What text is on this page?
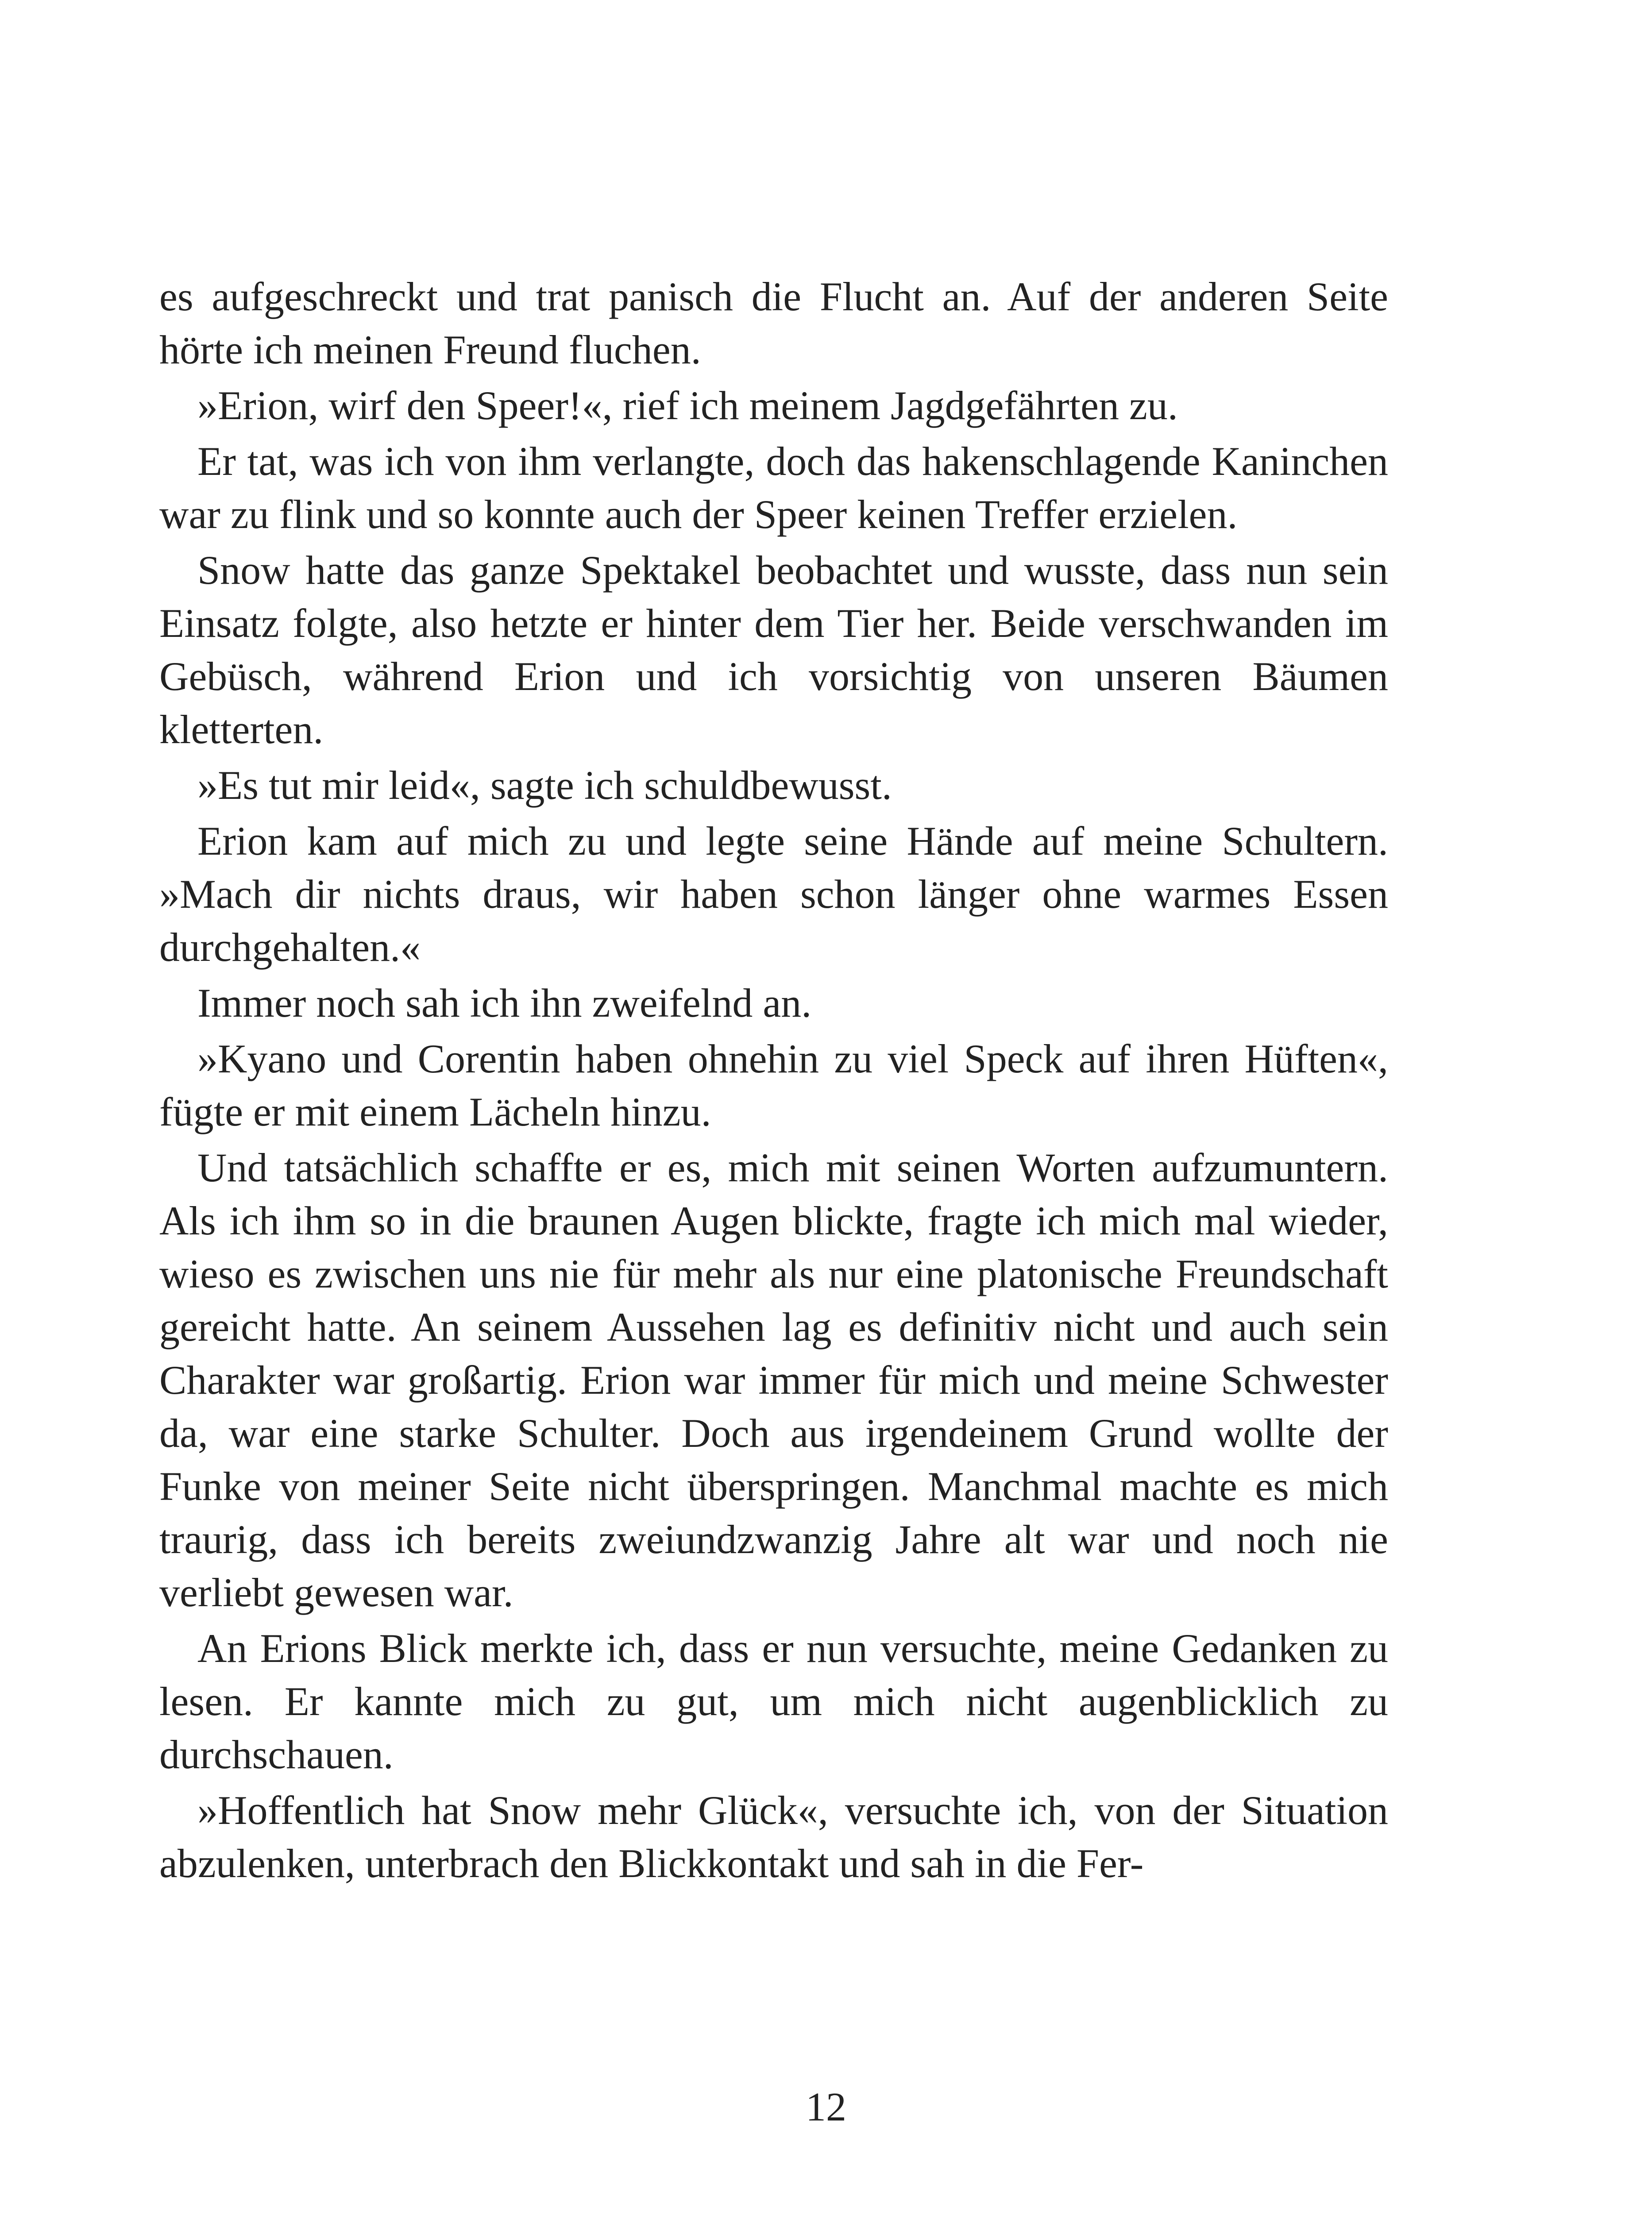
es aufgeschreckt und trat panisch die Flucht an. Auf der anderen Seite hörte ich meinen Freund fluchen.

»Erion, wirf den Speer!«, rief ich meinem Jagdgefährten zu.

Er tat, was ich von ihm verlangte, doch das hakenschlagende Kaninchen war zu flink und so konnte auch der Speer keinen Treffer erzielen.

Snow hatte das ganze Spektakel beobachtet und wusste, dass nun sein Einsatz folgte, also hetzte er hinter dem Tier her. Beide verschwanden im Gebüsch, während Erion und ich vorsichtig von unseren Bäumen kletterten.

»Es tut mir leid«, sagte ich schuldbewusst.

Erion kam auf mich zu und legte seine Hände auf meine Schultern. »Mach dir nichts draus, wir haben schon länger ohne warmes Essen durchgehalten.«

Immer noch sah ich ihn zweifelnd an.

»Kyano und Corentin haben ohnehin zu viel Speck auf ihren Hüften«, fügte er mit einem Lächeln hinzu.

Und tatsächlich schaffte er es, mich mit seinen Worten aufzumuntern. Als ich ihm so in die braunen Augen blickte, fragte ich mich mal wieder, wieso es zwischen uns nie für mehr als nur eine platonische Freundschaft gereicht hatte. An seinem Aussehen lag es definitiv nicht und auch sein Charakter war großartig. Erion war immer für mich und meine Schwester da, war eine starke Schulter. Doch aus irgendeinem Grund wollte der Funke von meiner Seite nicht überspringen. Manchmal machte es mich traurig, dass ich bereits zweiundzwanzig Jahre alt war und noch nie verliebt gewesen war.

An Erions Blick merkte ich, dass er nun versuchte, meine Gedanken zu lesen. Er kannte mich zu gut, um mich nicht augenblicklich zu durchschauen.

»Hoffentlich hat Snow mehr Glück«, versuchte ich, von der Situation abzulenken, unterbrach den Blickkontakt und sah in die Fer-

12
